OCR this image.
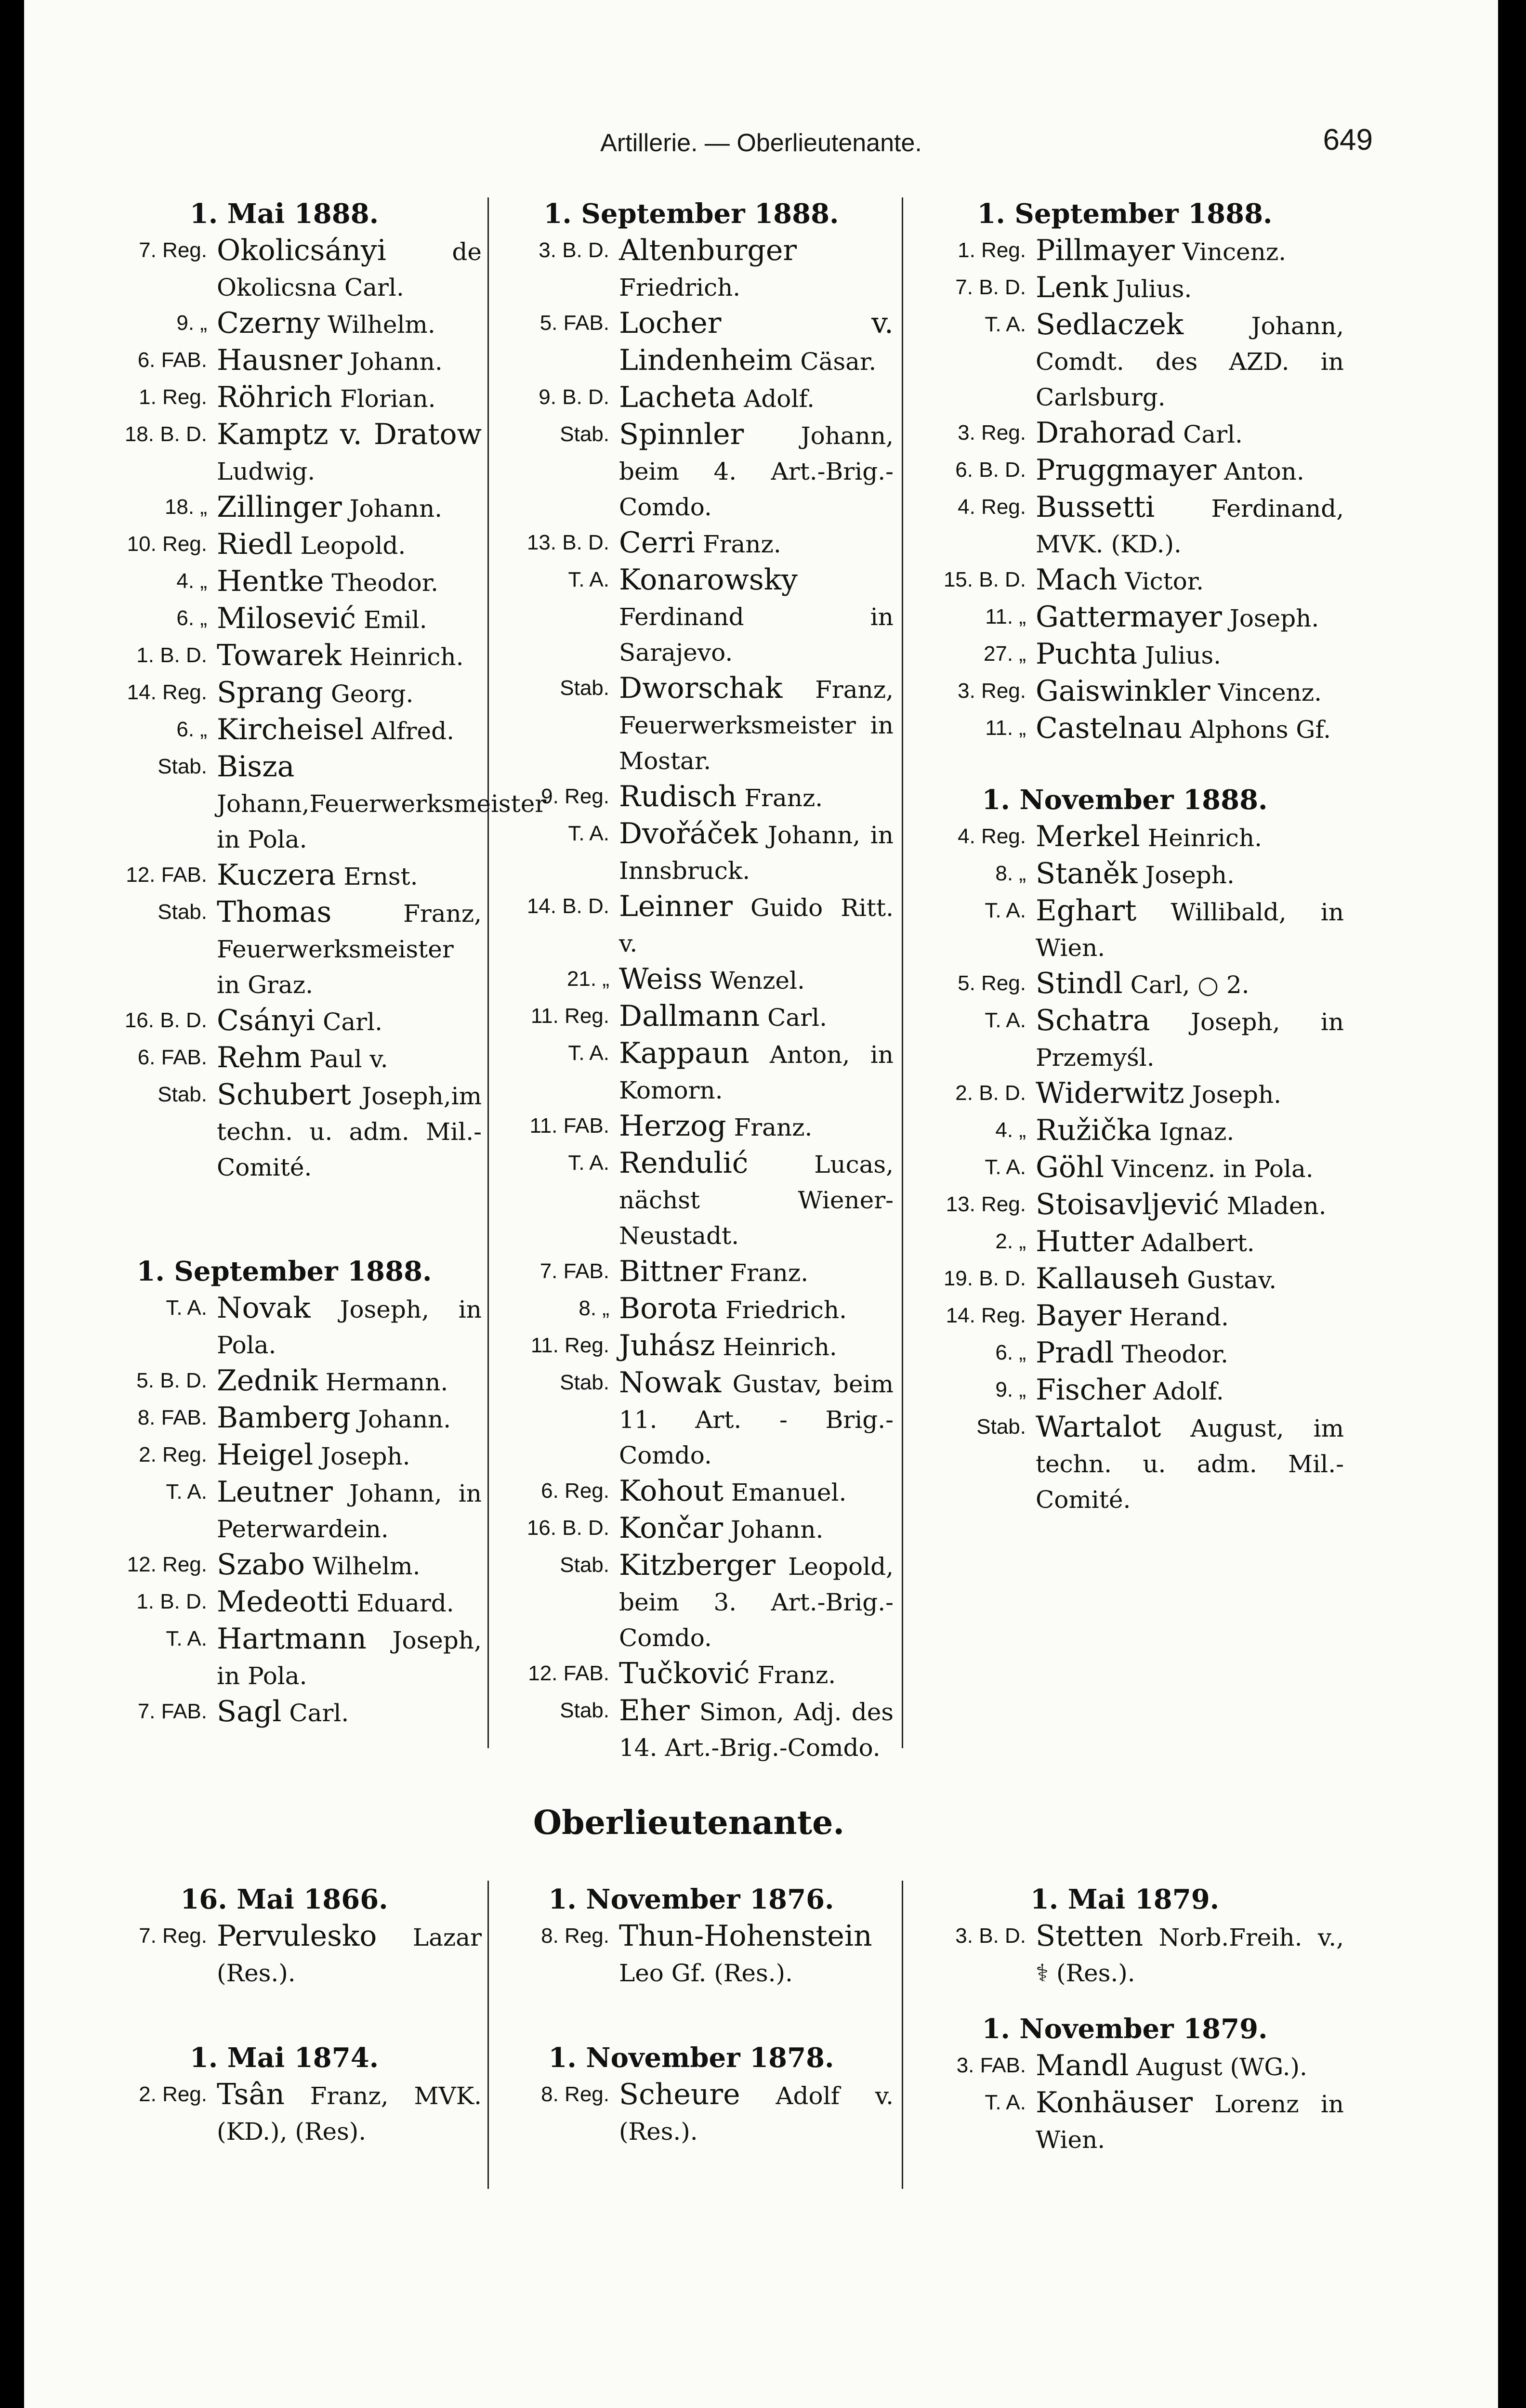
Artillerie. — Oberlieutenante.	649
1. Mai 1888.
7. Reg. Okolicsányi	de Okolicsna Carl.
9. „ Czerny Wilhelm.
6. FAB. Hausner Johann.
1. Reg. Röhrich Florian.
18. B. D. Kamptz v. Dratow Ludwig.
18. „ Zillinger Johann.
10. Reg. Riedl Leopold.
4. „ Hentke Theodor.
6. „ Milosević Emil.
1. B. D. Towarek Heinrich.
14. Reg. Sprang Georg.
6. „ Kircheisel Alfred.
Stab. Bisza Johann,Feuerwerksmeister in Pola.
12. FAB. Kuczera Ernst.
Stab. Thomas	Franz, Feuerwerksmeister in Graz.
16. B. D. Csányi Carl.
6. FAB. Rehm Paul v.
Stab. Schubert Joseph,im techn. u. adm. Mil.-Comité.
1. September 1888.
T. A. Novak Joseph, in Pola.
5. B. D. Zednik Hermann.
8. FAB. Bamberg Johann.
2. Reg. Heigel Joseph.
T. A. Leutner Johann, in Peterwardein.
12. Reg. Szabo Wilhelm.
1. B. D. Medeotti Eduard.
T. A. Hartmann Joseph, in Pola.
7. FAB. Sagl Carl.
1. September 1888.
3. B. D. Altenburger Friedrich.
5. FAB. Locher v. Lindenheim Cäsar.
9. B. D. Lacheta Adolf.
Stab. Spinnler Johann, beim 4. Art.-Brig.-Comdo.
13. B. D. Cerri Franz.
T. A. Konarowsky Ferdinand in Sarajevo.
Stab. Dworschak Franz, Feuerwerksmeister in Mostar.
9. Reg. Rudisch Franz.
T. A. Dvořáček Johann, in Innsbruck.
14. B. D. Leinner Guido Ritt. v.
21. „ Weiss Wenzel.
11. Reg. Dallmann Carl.
T. A. Kappaun Anton, in Komorn.
11. FAB. Herzog Franz.
T. A. Rendulić	Lucas, nächst Wiener-Neustadt.
7. FAB. Bittner Franz.
8. „ Borota Friedrich.
11. Reg. Juhász Heinrich.
Stab. Nowak Gustav, beim 11. Art. - Brig.-Comdo.
6. Reg. Kohout Emanuel.
16. B. D. Končar Johann.
Stab. Kitzberger Leopold, beim 3. Art.-Brig.-Comdo.
12. FAB. Tučković Franz.
Stab. Eher Simon, Adj. des 14. Art.-Brig.-Comdo.
1. September 1888.
1. Reg. Pillmayer Vincenz.
7. B. D. Lenk Julius.
T. A. Sedlaczek	Johann, Comdt. des AZD. in Carlsburg.
3. Reg. Drahorad Carl.
6. B. D. Pruggmayer Anton.
4. Reg. Bussetti Ferdinand, MVK. (KD.).
15. B. D. Mach Victor.
11. „ Gattermayer Joseph.
27. „ Puchta Julius.
3. Reg. Gaiswinkler Vincenz.
11. „ Castelnau Alphons Gf.
1. November 1888.
4. Reg. Merkel Heinrich.
8. „ Staněk Joseph.
T. A. Eghart Willibald, in Wien.
5. Reg. Stindl Carl, ○ 2.
T. A. Schatra Joseph, in Przemyśl.
2. B. D. Widerwitz Joseph.
4. „ Ružička Ignaz.
T. A. Göhl Vincenz. in Pola.
13. Reg. Stoisavljević Mladen.
2. „ Hutter Adalbert.
19. B. D. Kallauseh Gustav.
14. Reg. Bayer Herand.
6. „ Pradl Theodor.
9. „ Fischer Adolf.
Stab. Wartalot August, im techn. u. adm. Mil.-Comité.
Oberlieutenante.
16. Mai 1866.
7. Reg. Pervulesko Lazar (Res.).
1. Mai 1874.
2. Reg. Tsân Franz, MVK. (KD.), (Res).
1. November 1876.
8. Reg. Thun-Hohenstein Leo Gf. (Res.).
1. November 1878.
8. Reg. Scheure Adolf v. (Res.).
1. Mai 1879.
3. B. D. Stetten Norb.Freih. v., ⚕ (Res.).
1. November 1879.
3. FAB. Mandl August (WG.).
T. A. Konhäuser Lorenz in Wien.
